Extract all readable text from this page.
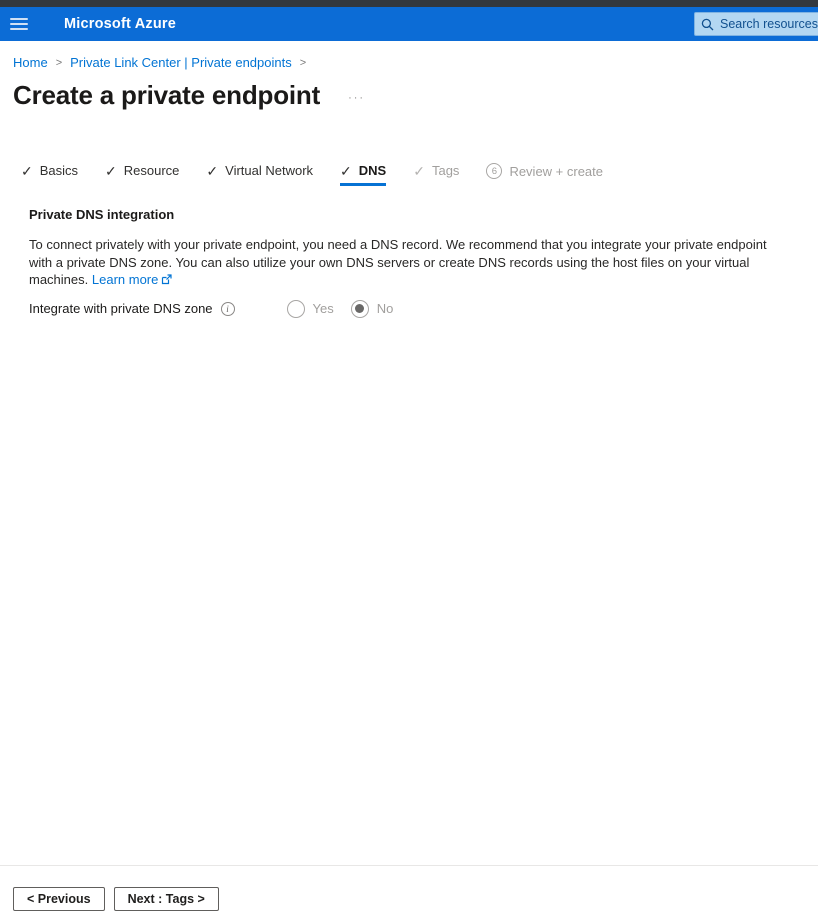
Microsoft Azure
Search resources
Home > Private Link Center | Private endpoints >
Create a private endpoint	···
✓ Basics ✓ Resource ✓ Virtual Network ✓ DNS ✓ Tags	6 Review + create
Private DNS integration

To connect privately with your private endpoint, you need a DNS record. We recommend that you integrate your private endpoint with a private DNS zone. You can also utilize your own DNS servers or create DNS records using the host files on your virtual machines. Learn more

Integrate with private DNS zone	i	Yes	No
< Previous	Next : Tags >
